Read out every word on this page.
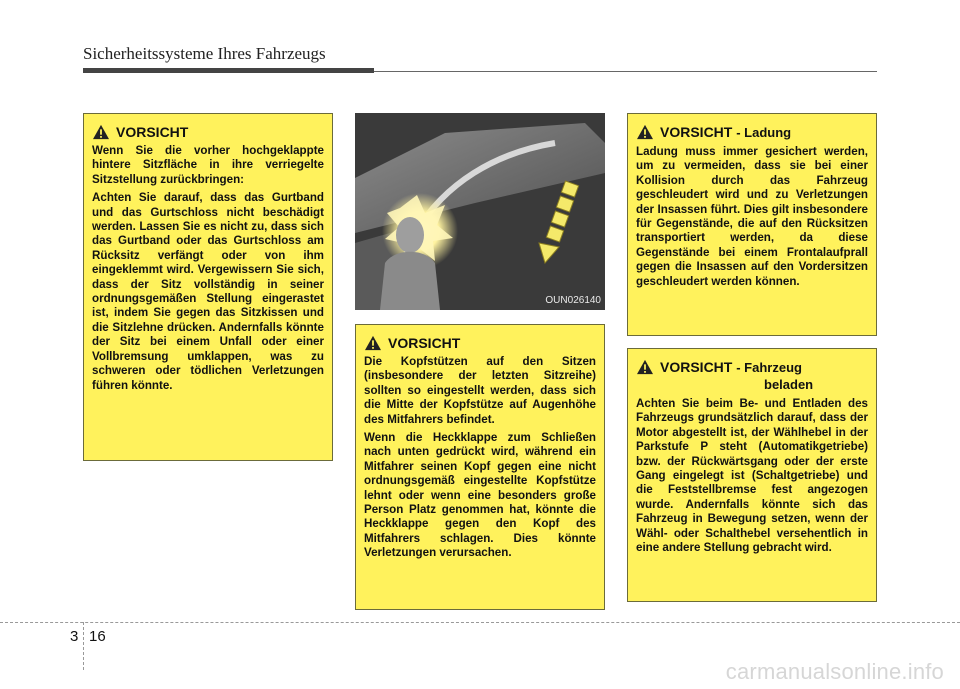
Sicherheitssysteme Ihres Fahrzeugs
VORSICHT

Wenn Sie die vorher hochgeklappte hintere Sitzfläche in ihre verriegelte Sitzstellung zurückbringen:

Achten Sie darauf, dass das Gurtband und das Gurtschloss nicht beschädigt werden. Lassen Sie es nicht zu, dass sich das Gurtband oder das Gurtschloss am Rücksitz verfängt oder von ihm eingeklemmt wird. Vergewissern Sie sich, dass der Sitz vollständig in seiner ordnungsgemäßen Stellung eingerastet ist, indem Sie gegen das Sitzkissen und die Sitzlehne drücken. Andernfalls könnte der Sitz bei einem Unfall oder einer Vollbremsung umklappen, was zu schweren oder tödlichen Verletzungen führen könnte.

OUN026140
VORSICHT

Die Kopfstützen auf den Sitzen (insbesondere der letzten Sitzreihe) sollten so eingestellt werden, dass sich die Mitte der Kopfstütze auf Augenhöhe des Mitfahrers befindet.

Wenn die Heckklappe zum Schließen nach unten gedrückt wird, während ein Mitfahrer seinen Kopf gegen eine nicht ordnungsgemäß eingestellte Kopfstütze lehnt oder wenn eine besonders große Person Platz genommen hat, könnte die Heckklappe gegen den Kopf des Mitfahrers schlagen. Dies könnte Verletzungen verursachen.

VORSICHT - Ladung

Ladung muss immer gesichert werden, um zu vermeiden, dass sie bei einer Kollision durch das Fahrzeug geschleudert wird und zu Verletzungen der Insassen führt. Dies gilt insbesondere für Gegenstände, die auf den Rücksitzen transportiert werden, da diese Gegenstände bei einem Frontalaufprall gegen die Insassen auf den Vordersitzen geschleudert werden können.

VORSICHT - Fahrzeug
beladen

Achten Sie beim Be- und Entladen des Fahrzeugs grundsätzlich darauf, dass der Motor abgestellt ist, der Wählhebel in der Parkstufe P steht (Automatikgetriebe) bzw. der Rückwärtsgang oder der erste Gang eingelegt ist (Schaltgetriebe) und die Feststellbremse fest angezogen wurde. Andernfalls könnte sich das Fahrzeug in Bewegung setzen, wenn der Wähl- oder Schalthebel versehentlich in eine andere Stellung gebracht wird.

3 16
carmanualsonline.info
